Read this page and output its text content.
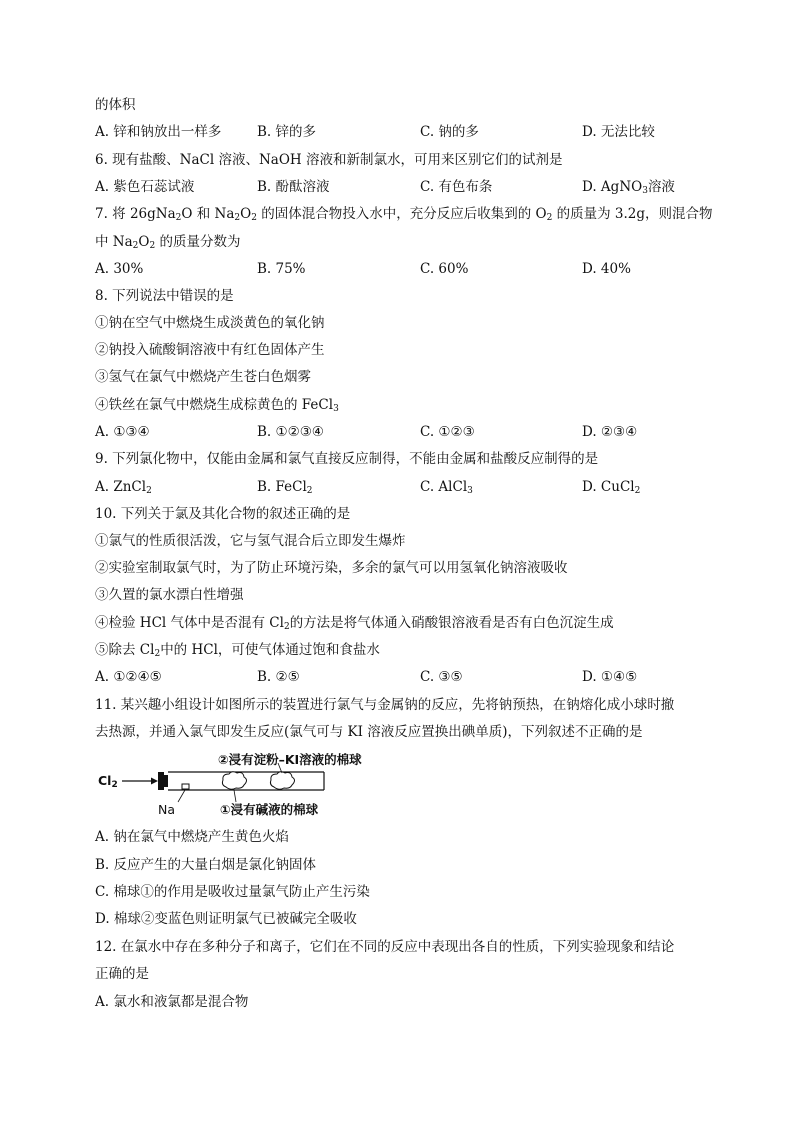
的体积
A. 锌和钠放出一样多	B. 锌的多	C. 钠的多	D. 无法比较
6. 现有盐酸、NaCl 溶液、NaOH 溶液和新制氯水，可用来区别它们的试剂是
A. 紫色石蕊试液	B. 酚酞溶液	C. 有色布条	D. AgNO$_3$溶液
7. 将 26gNa$_2$O 和 $Na_2O_2$ 的固体混合物投入水中，充分反应后收集到的 $O_2$ 的质量为 3.2g，则混合物
中 $Na_2O_2$ 的质量分数为
A. 30%	B. 75%	C. 60%	D. 40%
8. 下列说法中错误的是
①钠在空气中燃烧生成淡黄色的氧化钠
②钠投入硫酸铜溶液中有红色固体产生
③氢气在氯气中燃烧产生苍白色烟雾
④铁丝在氯气中燃烧生成棕黄色的 FeCl$_3$
A. ①③④	B. ①②③④	C. ①②③	D. ②③④
9. 下列氯化物中，仅能由金属和氯气直接反应制得，不能由金属和盐酸反应制得的是
A. ZnCl$_2$	B. FeCl$_2$	C. AlCl$_3$	D. CuCl$_2$
10. 下列关于氯及其化合物的叙述正确的是
①氯气的性质很活泼，它与氢气混合后立即发生爆炸
②实验室制取氯气时，为了防止环境污染，多余的氯气可以用氢氧化钠溶液吸收
③久置的氯水漂白性增强
④检验 HCl 气体中是否混有 $Cl_2$的方法是将气体通入硝酸银溶液看是否有白色沉淀生成
⑤除去 $Cl_2$中的 HCl，可使气体通过饱和食盐水
A. ①②④⑤	B. ②⑤	C. ③⑤	D. ①④⑤
11. 某兴趣小组设计如图所示的装置进行氯气与金属钠的反应，先将钠预热，在钠熔化成小球时撤
去热源，并通入氯气即发生反应(氯气可与 KI 溶液反应置换出碘单质)，下列叙述不正确的是
$Cl_2$
Na
②浸有淀粉–KI溶液的棉球
①浸有碱液的棉球
A. 钠在氯气中燃烧产生黄色火焰
B. 反应产生的大量白烟是氯化钠固体
C. 棉球①的作用是吸收过量氯气防止产生污染
D. 棉球②变蓝色则证明氯气已被碱完全吸收
12. 在氯水中存在多种分子和离子，它们在不同的反应中表现出各自的性质，下列实验现象和结论
正确的是
A. 氯水和液氯都是混合物
